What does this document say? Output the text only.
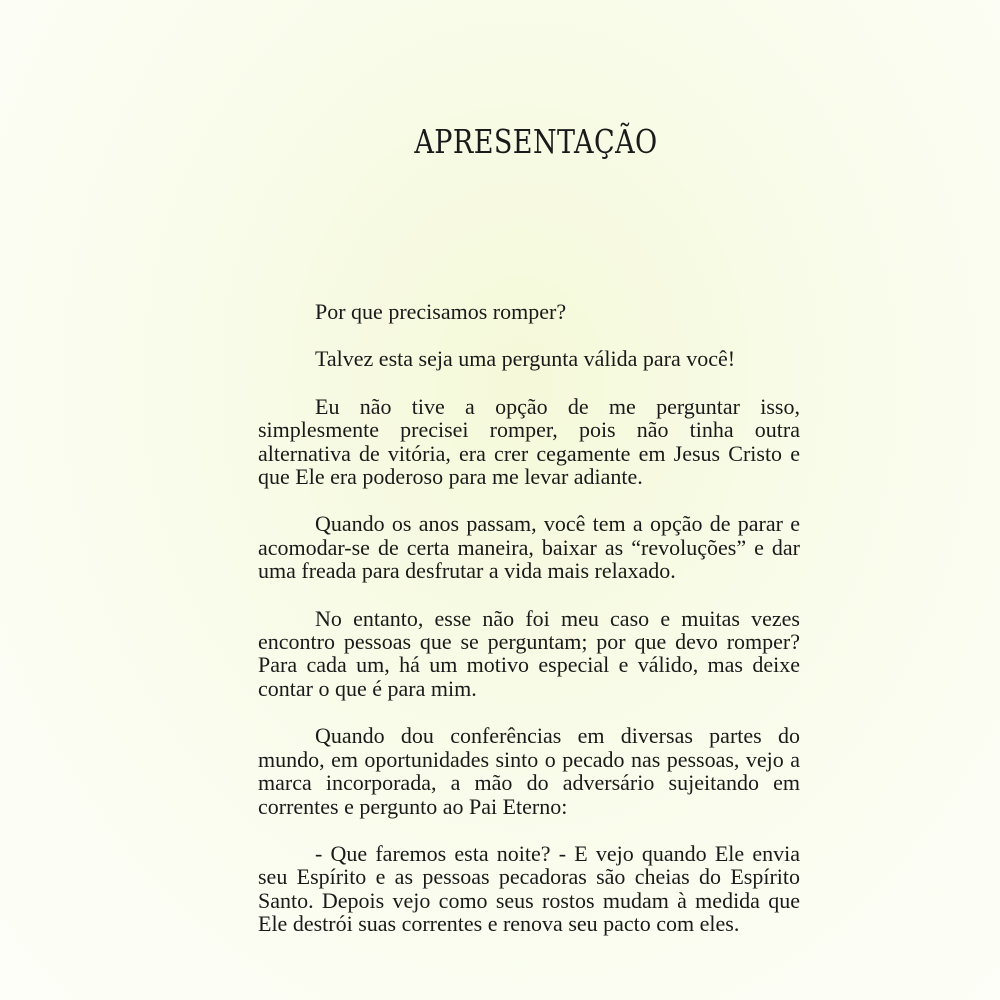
APRESENTAÇÃO

Por que precisamos romper?

Talvez esta seja uma pergunta válida para você!

Eu não tive a opção de me perguntar isso, simplesmente precisei romper, pois não tinha outra alternativa de vitória, era crer cegamente em Jesus Cristo e que Ele era poderoso para me levar adiante.

Quando os anos passam, você tem a opção de parar e acomodar-se de certa maneira, baixar as “revoluções” e dar uma freada para desfrutar a vida mais relaxado.

No entanto, esse não foi meu caso e muitas vezes encontro pessoas que se perguntam; por que devo romper? Para cada um, há um motivo especial e válido, mas deixe contar o que é para mim.

Quando dou conferências em diversas partes do mundo, em oportunidades sinto o pecado nas pessoas, vejo a marca incorporada, a mão do adversário sujeitando em correntes e pergunto ao Pai Eterno:

- Que faremos esta noite? - E vejo quando Ele envia seu Espírito e as pessoas pecadoras são cheias do Espírito Santo. Depois vejo como seus rostos mudam à medida que Ele destrói suas correntes e renova seu pacto com eles.
